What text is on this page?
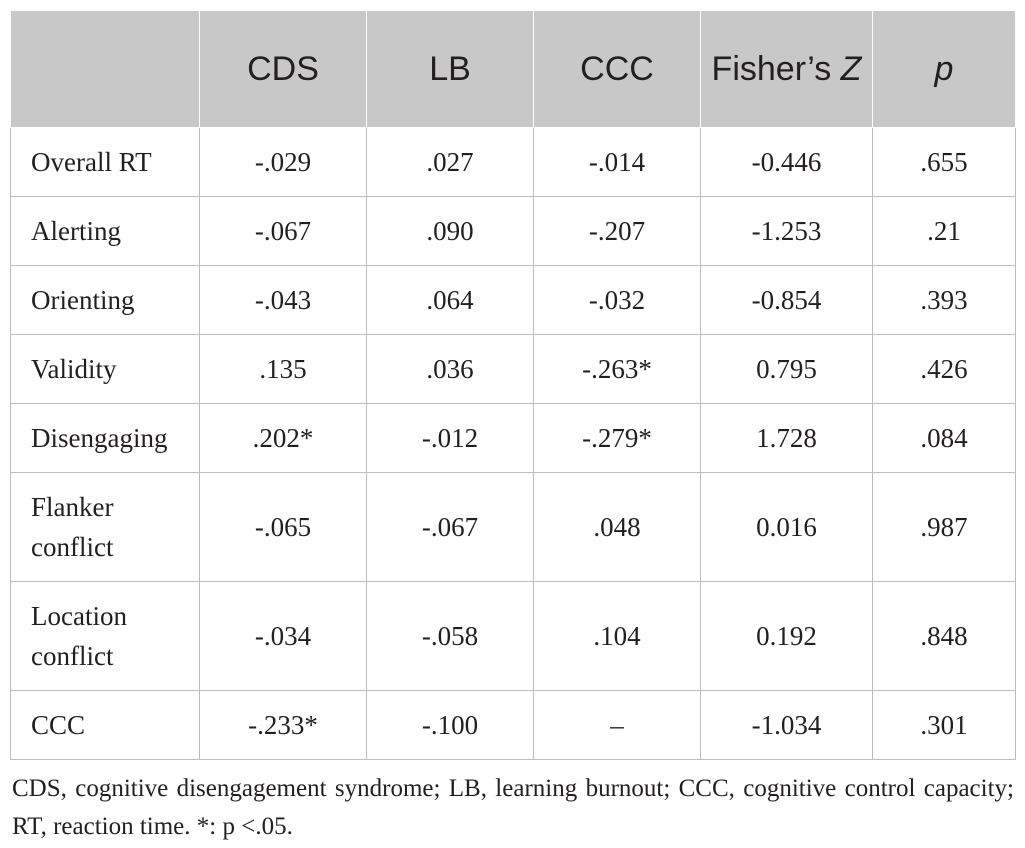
	CDS	LB	CCC	Fisher’s Z	p
Overall RT	-.029	.027	-.014	-0.446	.655
Alerting	-.067	.090	-.207	-1.253	.21
Orienting	-.043	.064	-.032	-0.854	.393
Validity	.135	.036	-.263*	0.795	.426
Disengaging	.202*	-.012	-.279*	1.728	.084
Flanker conflict	-.065	-.067	.048	0.016	.987
Location conflict	-.034	-.058	.104	0.192	.848
CCC	-.233*	-.100	–	-1.034	.301
CDS, cognitive disengagement syndrome; LB, learning burnout; CCC, cognitive control capacity; RT, reaction time. *: p <.05.
